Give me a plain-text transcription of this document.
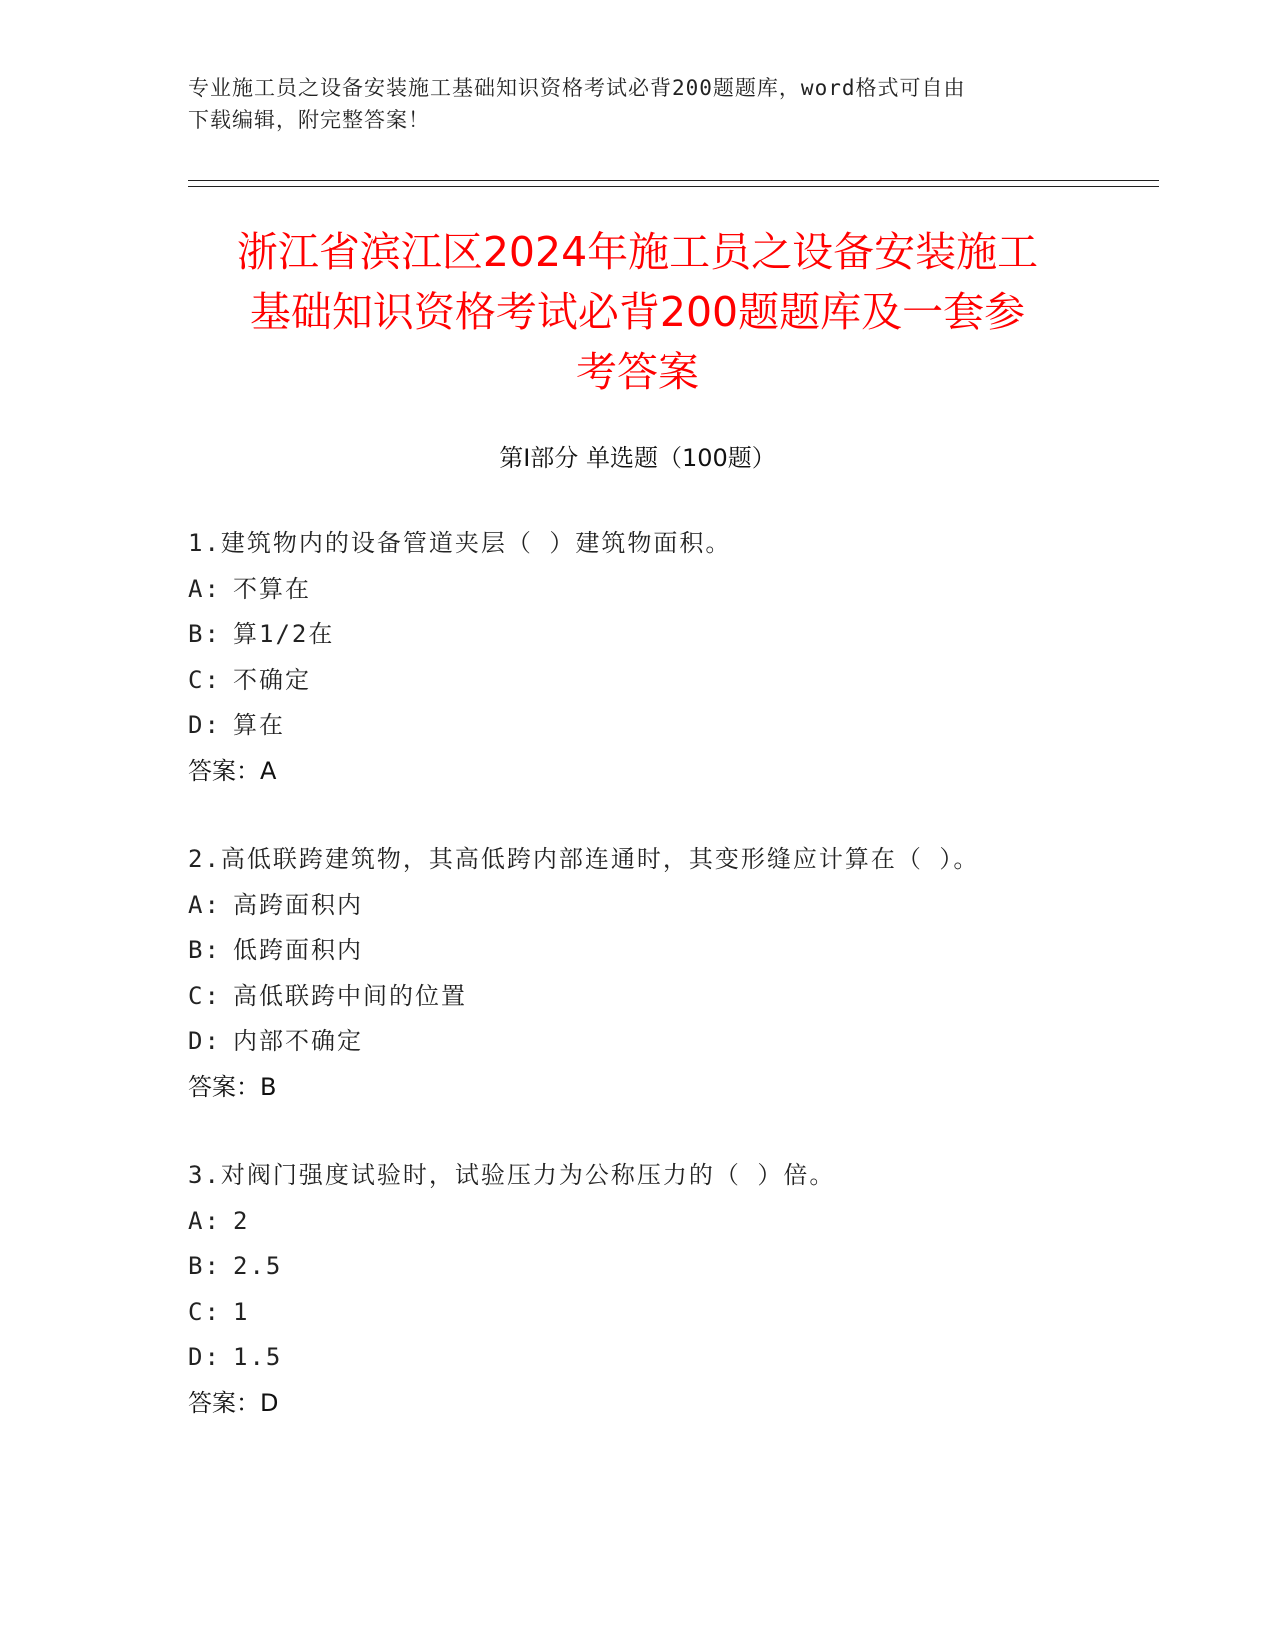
专业施工员之设备安装施工基础知识资格考试必背200题题库，word格式可自由
下载编辑，附完整答案！
浙江省滨江区2024年施工员之设备安装施工
基础知识资格考试必背200题题库及一套参
考答案
第Ⅰ部分 单选题（100题）
1.建筑物内的设备管道夹层（ ）建筑物面积。
A: 不算在
B: 算1/2在
C: 不确定
D: 算在
答案：A
2.高低联跨建筑物，其高低跨内部连通时，其变形缝应计算在（ ）。
A: 高跨面积内
B: 低跨面积内
C: 高低联跨中间的位置
D: 内部不确定
答案：B
3.对阀门强度试验时，试验压力为公称压力的（ ）倍。
A: 2
B: 2.5
C: 1
D: 1.5
答案：D
